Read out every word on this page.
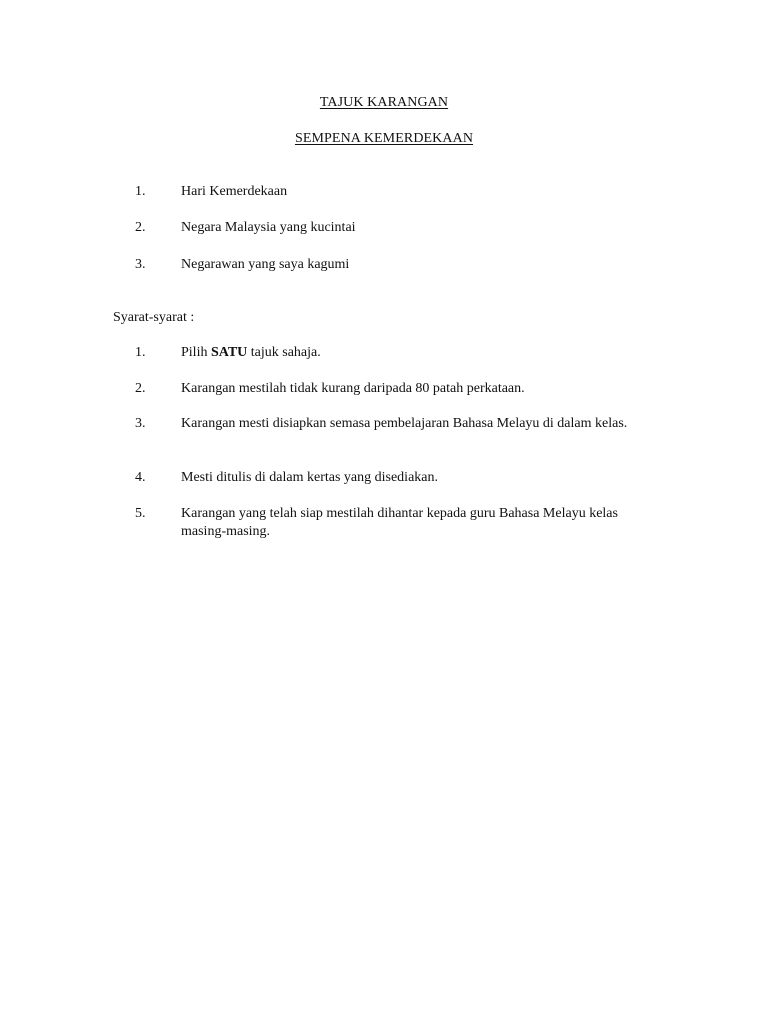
TAJUK KARANGAN
SEMPENA KEMERDEKAAN
1.	Hari Kemerdekaan
2.	Negara Malaysia yang kucintai
3.	Negarawan yang saya kagumi
Syarat-syarat :
1.	Pilih SATU tajuk sahaja.
2.	Karangan mestilah tidak kurang daripada 80 patah perkataan.
3.	Karangan mesti disiapkan semasa pembelajaran Bahasa Melayu di dalam kelas.
4.	Mesti ditulis di dalam kertas yang disediakan.
5.	Karangan yang telah siap mestilah dihantar kepada guru Bahasa Melayu kelas masing-masing.
